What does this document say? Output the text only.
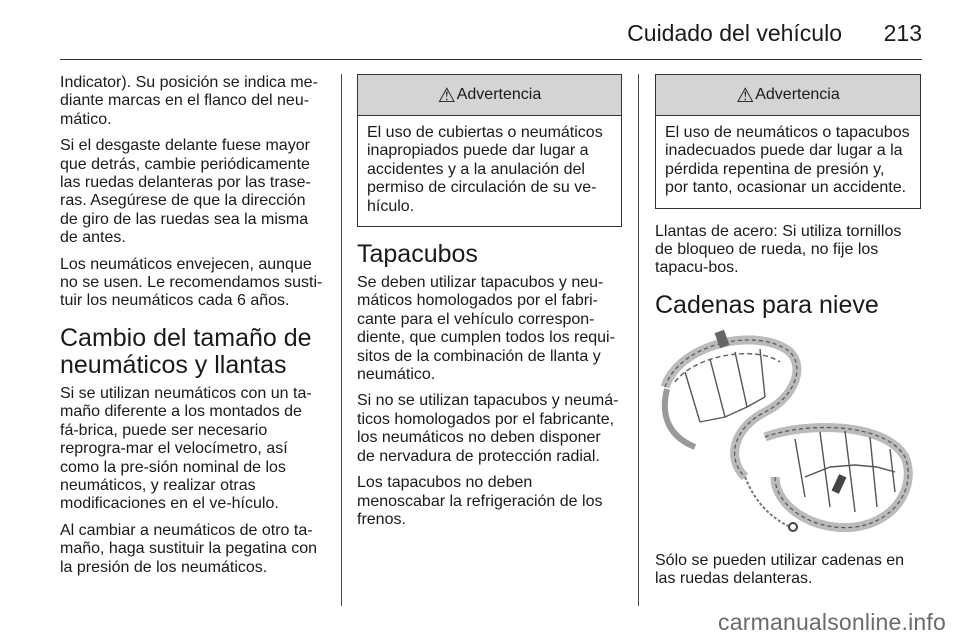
Cuidado del vehículo 213

Indicator). Su posición se indica me-diante marcas en el flanco del neu-mático.

Si el desgaste delante fuese mayor que detrás, cambie periódicamente las ruedas delanteras por las trase-ras. Asegúrese de que la dirección de giro de las ruedas sea la misma de antes.

Los neumáticos envejecen, aunque no se usen. Le recomendamos susti-tuir los neumáticos cada 6 años.

Cambio del tamaño de neumáticos y llantas

Si se utilizan neumáticos con un ta-maño diferente a los montados de fá-brica, puede ser necesario reprogra-mar el velocímetro, así como la pre-sión nominal de los neumáticos, y realizar otras modificaciones en el ve-hículo.

Al cambiar a neumáticos de otro ta-maño, haga sustituir la pegatina con la presión de los neumáticos.

⚠ Advertencia
El uso de cubiertas o neumáticos inapropiados puede dar lugar a accidentes y a la anulación del permiso de circulación de su ve-hículo.
Tapacubos

Se deben utilizar tapacubos y neu-máticos homologados por el fabri-cante para el vehículo correspon-diente, que cumplen todos los requi-sitos de la combinación de llanta y neumático.

Si no se utilizan tapacubos y neumá-ticos homologados por el fabricante, los neumáticos no deben disponer de nervadura de protección radial.

Los tapacubos no deben menoscabar la refrigeración de los frenos.

⚠ Advertencia
El uso de neumáticos o tapacubos inadecuados puede dar lugar a la pérdida repentina de presión y, por tanto, ocasionar un accidente.

Llantas de acero: Si utiliza tornillos de bloqueo de rueda, no fije los tapacu-bos.

Cadenas para nieve

Sólo se pueden utilizar cadenas en las ruedas delanteras.

carmanualsonline.info
